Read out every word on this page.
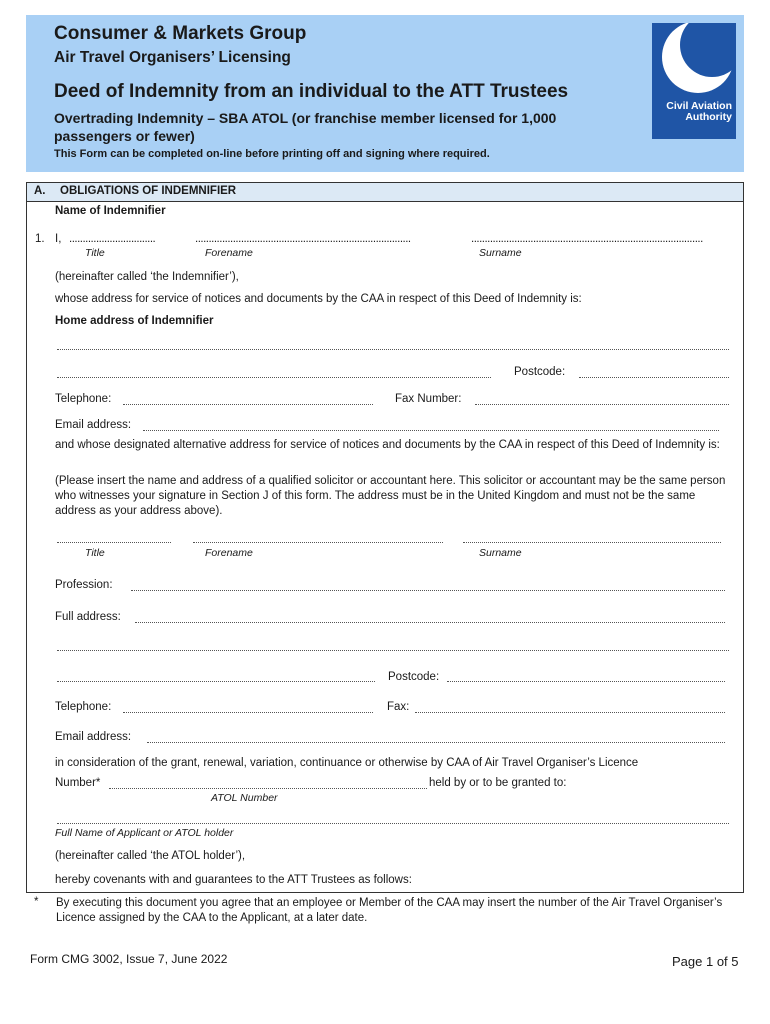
Consumer & Markets Group
Air Travel Organisers’ Licensing
Deed of Indemnity from an individual to the ATT Trustees
Overtrading Indemnity – SBA ATOL (or franchise member licensed for 1,000 passengers or fewer)
This Form can be completed on-line before printing off and signing where required.
Civil Aviation
Authority
A. OBLIGATIONS OF INDEMNIFIER
Name of Indemnifier
1. I, ................................	................................................................................	......................................................................................
Title	Forename	Surname
(hereinafter called ‘the Indemnifier’),
whose address for service of notices and documents by the CAA in respect of this Deed of Indemnity is:
Home address of Indemnifier
Postcode:
Telephone:	Fax Number:
Email address:
and whose designated alternative address for service of notices and documents by the CAA in respect of this Deed of Indemnity is:
(Please insert the name and address of a qualified solicitor or accountant here. This solicitor or accountant may be the same person who witnesses your signature in Section J of this form. The address must be in the United Kingdom and must not be the same address as your address above).
Title	Forename	Surname
Profession:
Full address:
Postcode:
Telephone:	Fax:
Email address:
in consideration of the grant, renewal, variation, continuance or otherwise by CAA of Air Travel Organiser’s Licence
Number*	held by or to be granted to:
ATOL Number
Full Name of Applicant or ATOL holder
(hereinafter called ‘the ATOL holder’),
hereby covenants with and guarantees to the ATT Trustees as follows:
* By executing this document you agree that an employee or Member of the CAA may insert the number of the Air Travel Organiser’s Licence assigned by the CAA to the Applicant, at a later date.
Form CMG 3002, Issue 7, June 2022	Page 1 of 5
